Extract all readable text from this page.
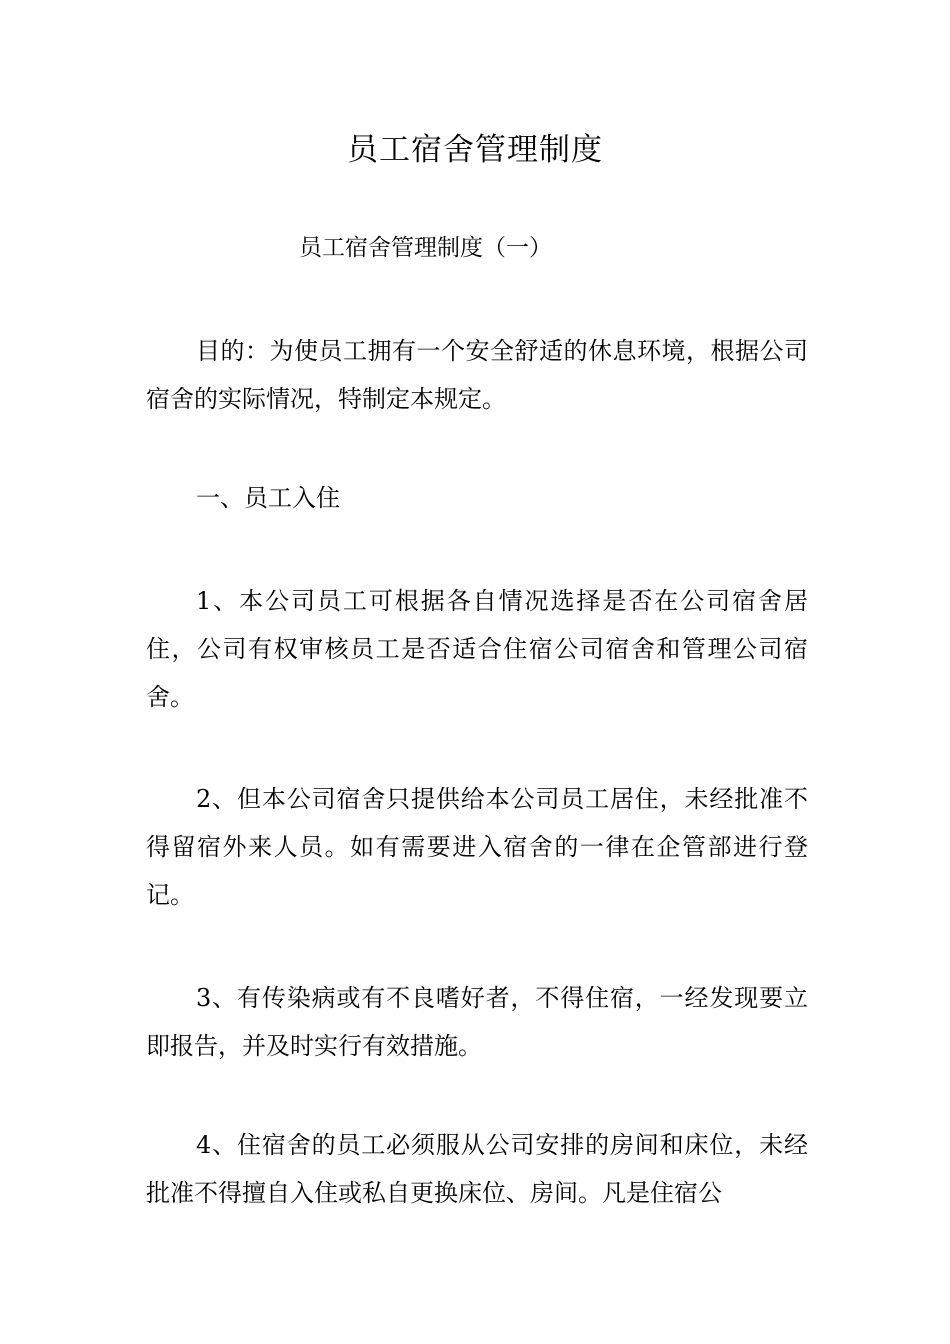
员工宿舍管理制度

员工宿舍管理制度（一）

目的：为使员工拥有一个安全舒适的休息环境，根据公司宿舍的实际情况，特制定本规定。

一、员工入住

1、本公司员工可根据各自情况选择是否在公司宿舍居住，公司有权审核员工是否适合住宿公司宿舍和管理公司宿舍。

2、但本公司宿舍只提供给本公司员工居住，未经批准不得留宿外来人员。如有需要进入宿舍的一律在企管部进行登记。

3、有传染病或有不良嗜好者，不得住宿，一经发现要立即报告，并及时实行有效措施。

4、住宿舍的员工必须服从公司安排的房间和床位，未经批准不得擅自入住或私自更换床位、房间。凡是住宿公
